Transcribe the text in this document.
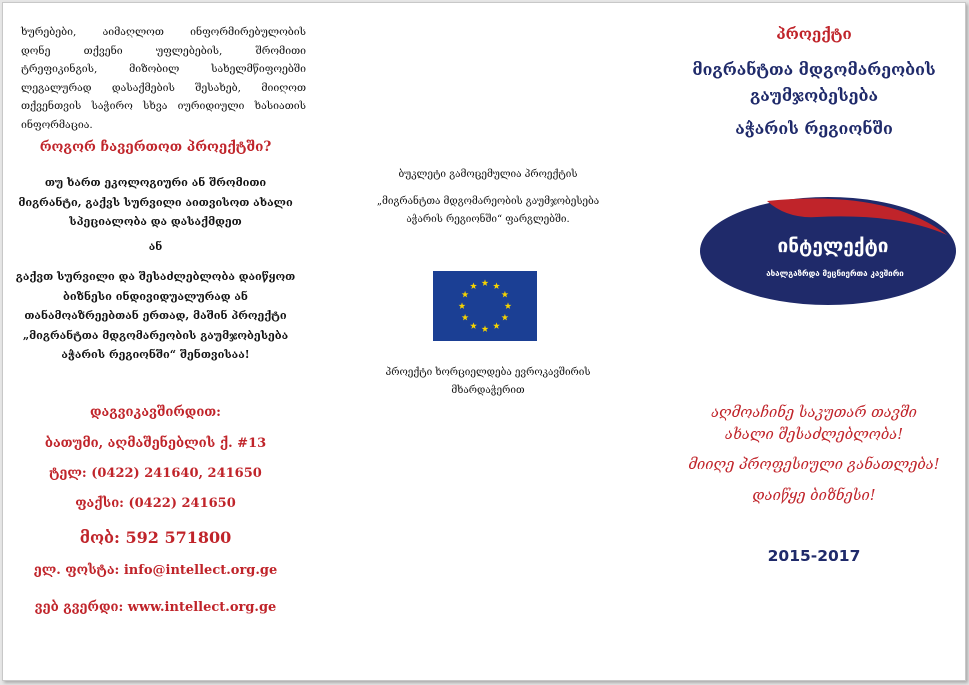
ხურებები, აიმაღლოთ ინფორმირებულობის
დონე თქვენი უფლებების, შრომითი
ტრეფიკინგის, მიზობილ სახელმწიფოებში
ლეგალურად დასაქმების შესახებ, მიიღოთ
თქვენთვის საჭირო სხვა იურიდიული ხასიათის
ინფორმაცია.
როგორ ჩავერთოთ პროექტში?
თუ ხართ ეკოლოგიური ან შრომითი
მიგრანტი, გაქვს სურვილი აითვისოთ ახალი
სპეციალობა და დასაქმდეთ
ან
გაქვთ სურვილი და შესაძლებლობა დაიწყოთ
ბიზნესი ინდივიდუალურად ან
თანამოაზრეებთან ერთად, მაშინ პროექტი
„მიგრანტთა მდგომარეობის გაუმჯობესება
აჭარის რეგიონში“ შენთვისაა!
დაგვიკავშირდით:
ბათუმი, აღმაშენებლის ქ. #13
ტელ: (0422) 241640, 241650
ფაქსი: (0422) 241650
მობ: 592 571800
ელ. ფოსტა: info@intellect.org.ge
ვებ გვერდი: www.intellect.org.ge
ბუკლეტი გამოცემულია პროექტის
„მიგრანტთა მდგომარეობის გაუმჯობესება
აჭარის რეგიონში“ ფარგლებში.
პროექტი ხორციელდება ევროკავშირის
მხარდაჭერით
პროექტი
მიგრანტთა მდგომარეობის
გაუმჯობესება
აჭარის რეგიონში
ინტელექტი
ახალგაზრდა მეცნიერთა კავშირი
აღმოაჩინე საკუთარ თავში
ახალი შესაძლებლობა!
მიიღე პროფესიული განათლება!
დაიწყე ბიზნესი!
2015-2017
